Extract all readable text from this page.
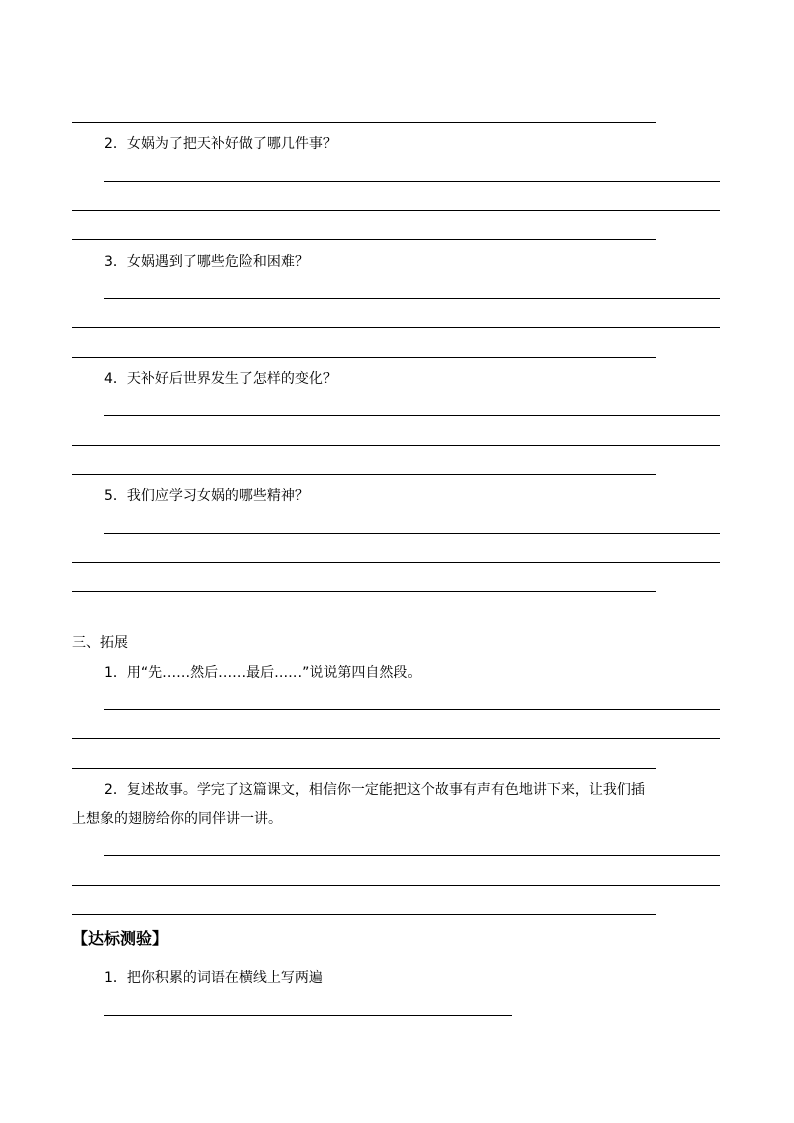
2．女娲为了把天补好做了哪几件事？
3．女娲遇到了哪些危险和困难？
4．天补好后世界发生了怎样的变化？
5．我们应学习女娲的哪些精神？
三、拓展
1．用“先……然后……最后……”说说第四自然段。
2．复述故事。学完了这篇课文，相信你一定能把这个故事有声有色地讲下来，让我们插
上想象的翅膀给你的同伴讲一讲。
【达标测验】
1．把你积累的词语在横线上写两遍
